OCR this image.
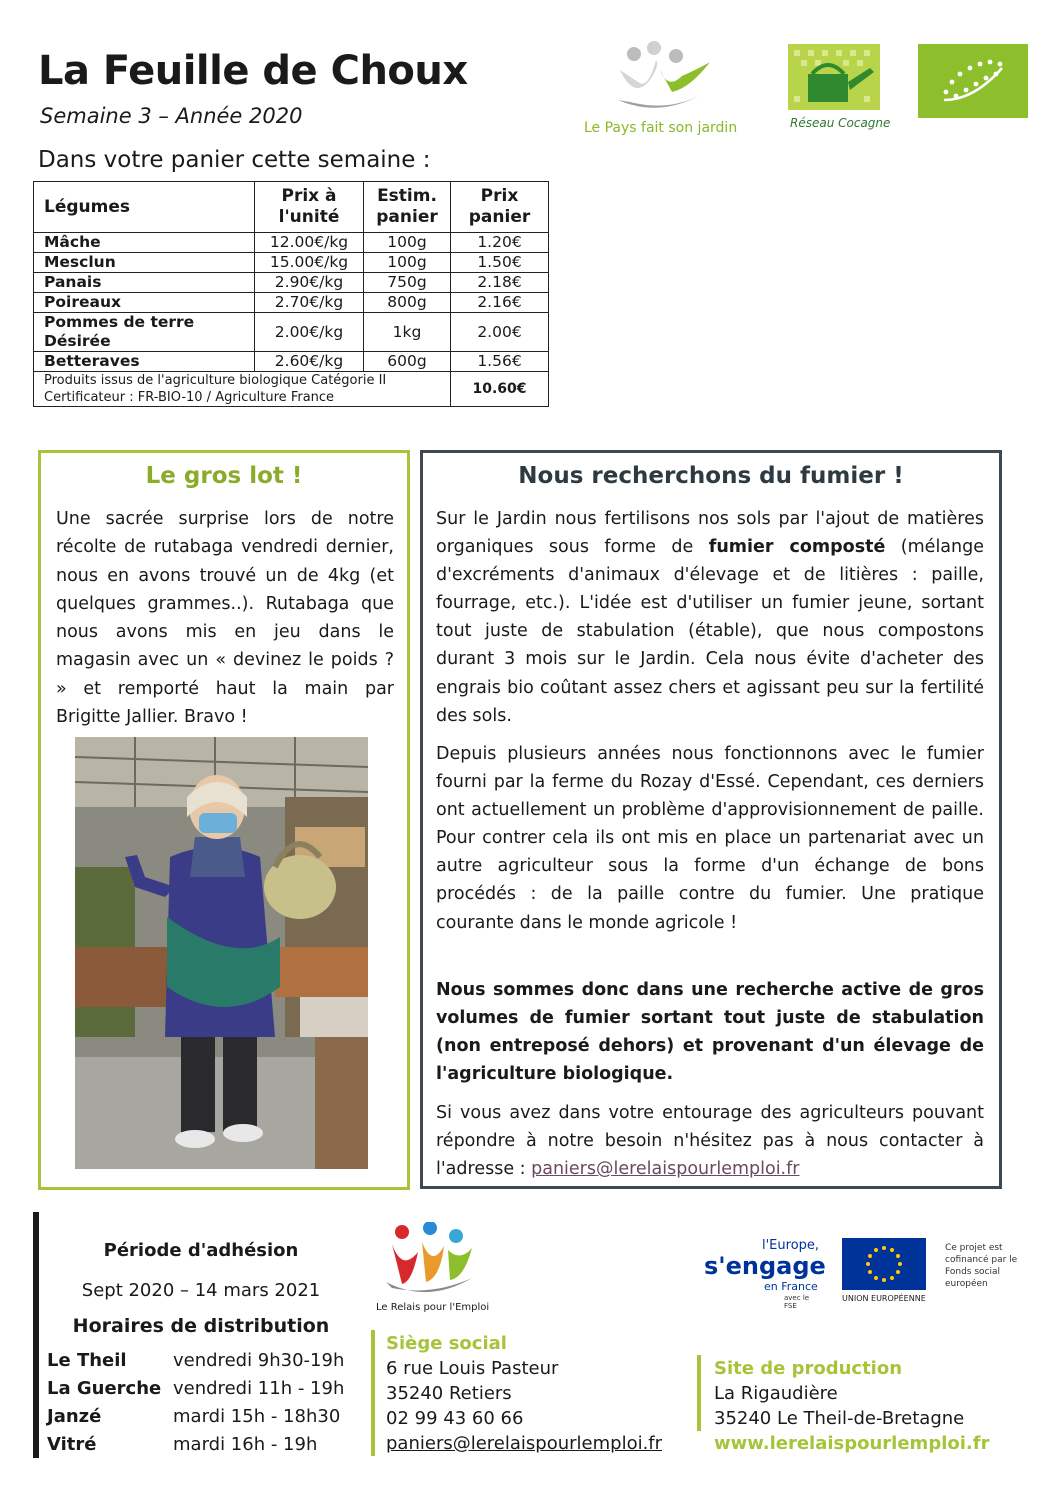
La Feuille de Choux
Semaine 3 – Année 2020
Dans votre panier cette semaine :
Le Pays fait son jardin	Réseau Cocagne
Légumes	Prix à l'unité	Estim. panier	Prix panier
Mâche	12.00€/kg	100g	1.20€
Mesclun	15.00€/kg	100g	1.50€
Panais	2.90€/kg	750g	2.18€
Poireaux	2.70€/kg	800g	2.16€
Pommes de terre Désirée	2.00€/kg	1kg	2.00€
Betteraves	2.60€/kg	600g	1.56€

Produits issus de l'agriculture biologique Catégorie II
Certificateur : FR-BIO-10 / Agriculture France			10.60€
Le gros lot !
Une sacrée surprise lors de notre récolte de rutabaga vendredi dernier, nous en avons trouvé un de 4kg (et quelques grammes..). Rutabaga que nous avons mis en jeu dans le magasin avec un « devinez le poids ? » et remporté haut la main par Brigitte Jallier. Bravo !
Nous recherchons du fumier !

Sur le Jardin nous fertilisons nos sols par l'ajout de matières organiques sous forme de fumier composté (mélange d'excréments d'animaux d'élevage et de litières : paille, fourrage, etc.). L'idée est d'utiliser un fumier jeune, sortant tout juste de stabulation (étable), que nous compostons durant 3 mois sur le Jardin. Cela nous évite d'acheter des engrais bio coûtant assez chers et agissant peu sur la fertilité des sols.

Depuis plusieurs années nous fonctionnons avec le fumier fourni par la ferme du Rozay d'Essé. Cependant, ces derniers ont actuellement un problème d'approvisionnement de paille. Pour contrer cela ils ont mis en place un partenariat avec un autre agriculteur sous la forme d'un échange de bons procédés : de la paille contre du fumier. Une pratique courante dans le monde agricole !

Nous sommes donc dans une recherche active de gros volumes de fumier sortant tout juste de stabulation (non entreposé dehors) et provenant d'un élevage de l'agriculture biologique.

Si vous avez dans votre entourage des agriculteurs pouvant répondre à notre besoin n'hésitez pas à nous contacter à l'adresse : paniers@lerelaispourlemploi.fr

Période d'adhésion
Sept 2020 – 14 mars 2021
Horaires de distribution
Le Theil	vendredi 9h30-19h
La Guerche vendredi 11h - 19h
Janzé	mardi 15h - 18h30
Vitré	mardi 16h - 19h
Le Relais pour l'Emploi
Siège social
6 rue Louis Pasteur
35240 Retiers
02 99 43 60 66
paniers@lerelaispourlemploi.fr
Site de production
La Rigaudière
35240 Le Theil-de-Bretagne
www.lerelaispourlemploi.fr
l'Europe,
s'engage
en France
avec le FSE
UNION EUROPÉENNE
Ce projet est cofinancé par le Fonds social européen
